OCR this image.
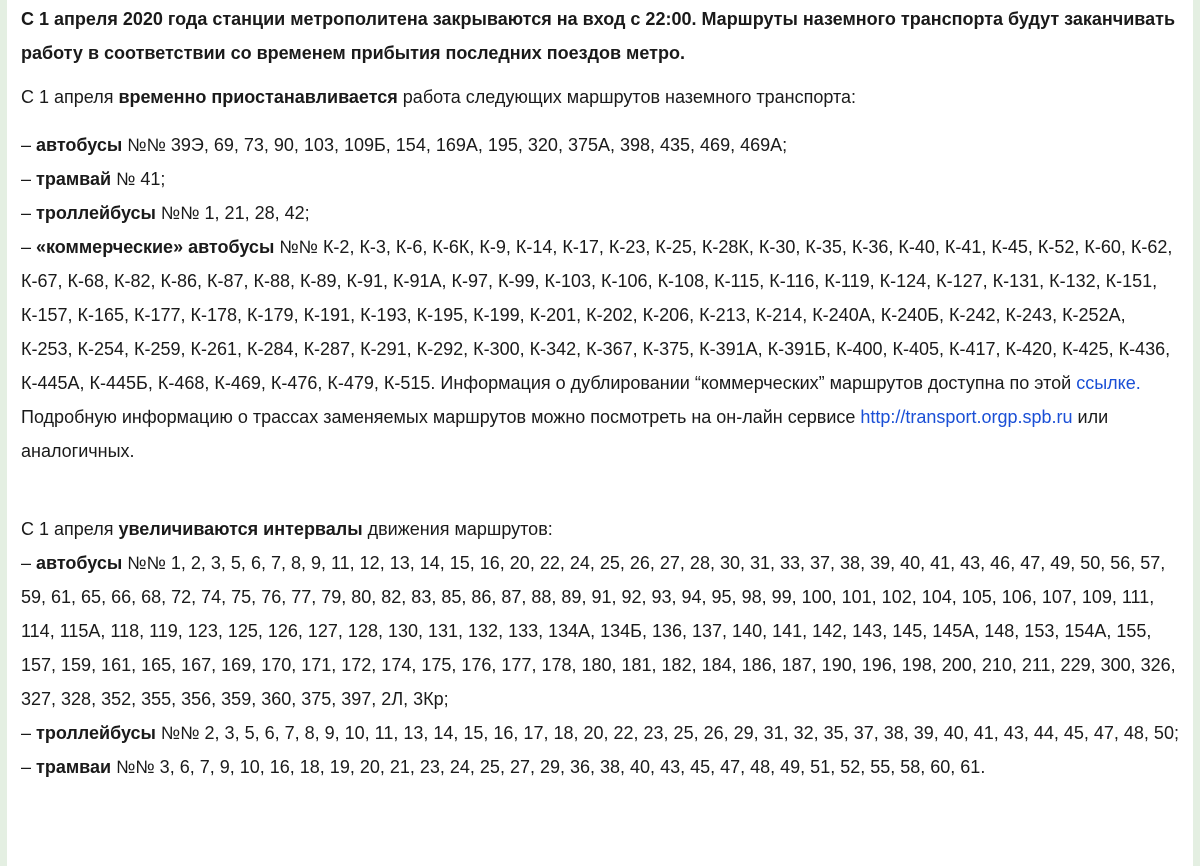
С 1 апреля 2020 года станции метрополитена закрываются на вход с 22:00. Маршруты наземного транспорта будут заканчивать работу в соответствии со временем прибытия последних поездов метро.

С 1 апреля временно приостанавливается работа следующих маршрутов наземного транспорта:

– автобусы №№ 39Э, 69, 73, 90, 103, 109Б, 154, 169А, 195, 320, 375А, 398, 435, 469, 469А;

– трамвай № 41;

– троллейбусы №№ 1, 21, 28, 42;

– «коммерческие» автобусы №№ К-2, К-3, К-6, К-6К, К-9, К-14, К-17, К-23, К-25, К-28К, К-30, К-35, К-36, К-40, К-41, К-45, К-52, К-60, К-62, К-67, К-68, К-82, К-86, К-87, К-88, К-89, К-91, К-91А, К-97, К-99, К-103, К-106, К-108, К-115, К-116, К-119, К-124, К-127, К-131, К-132, К-151, К-157, К-165, К-177, К-178, К-179, К-191, К-193, К-195, К-199, К-201, К-202, К-206, К-213, К-214, К-240А, К-240Б, К-242, К-243, К-252А, К-253, К-254, К-259, К-261, К-284, К-287, К-291, К-292, К-300, К-342, К-367, К-375, К-391А, К-391Б, К-400, К-405, К-417, К-420, К-425, К-436, К-445А, К-445Б, К-468, К-469, К-476, К-479, К-515. Информация о дублировании “коммерческих” маршрутов доступна по этой ссылке. Подробную информацию о трассах заменяемых маршрутов можно посмотреть на он-лайн сервисе http://transport.orgp.spb.ru или аналогичных.

С 1 апреля увеличиваются интервалы движения маршрутов:

– автобусы №№ 1, 2, 3, 5, 6, 7, 8, 9, 11, 12, 13, 14, 15, 16, 20, 22, 24, 25, 26, 27, 28, 30, 31, 33, 37, 38, 39, 40, 41, 43, 46, 47, 49, 50, 56, 57, 59, 61, 65, 66, 68, 72, 74, 75, 76, 77, 79, 80, 82, 83, 85, 86, 87, 88, 89, 91, 92, 93, 94, 95, 98, 99, 100, 101, 102, 104, 105, 106, 107, 109, 111, 114, 115А, 118, 119, 123, 125, 126, 127, 128, 130, 131, 132, 133, 134А, 134Б, 136, 137, 140, 141, 142, 143, 145, 145А, 148, 153, 154А, 155, 157, 159, 161, 165, 167, 169, 170, 171, 172, 174, 175, 176, 177, 178, 180, 181, 182, 184, 186, 187, 190, 196, 198, 200, 210, 211, 229, 300, 326, 327, 328, 352, 355, 356, 359, 360, 375, 397, 2Л, 3Кр;

– троллейбусы №№ 2, 3, 5, 6, 7, 8, 9, 10, 11, 13, 14, 15, 16, 17, 18, 20, 22, 23, 25, 26, 29, 31, 32, 35, 37, 38, 39, 40, 41, 43, 44, 45, 47, 48, 50;

– трамваи №№ 3, 6, 7, 9, 10, 16, 18, 19, 20, 21, 23, 24, 25, 27, 29, 36, 38, 40, 43, 45, 47, 48, 49, 51, 52, 55, 58, 60, 61.
